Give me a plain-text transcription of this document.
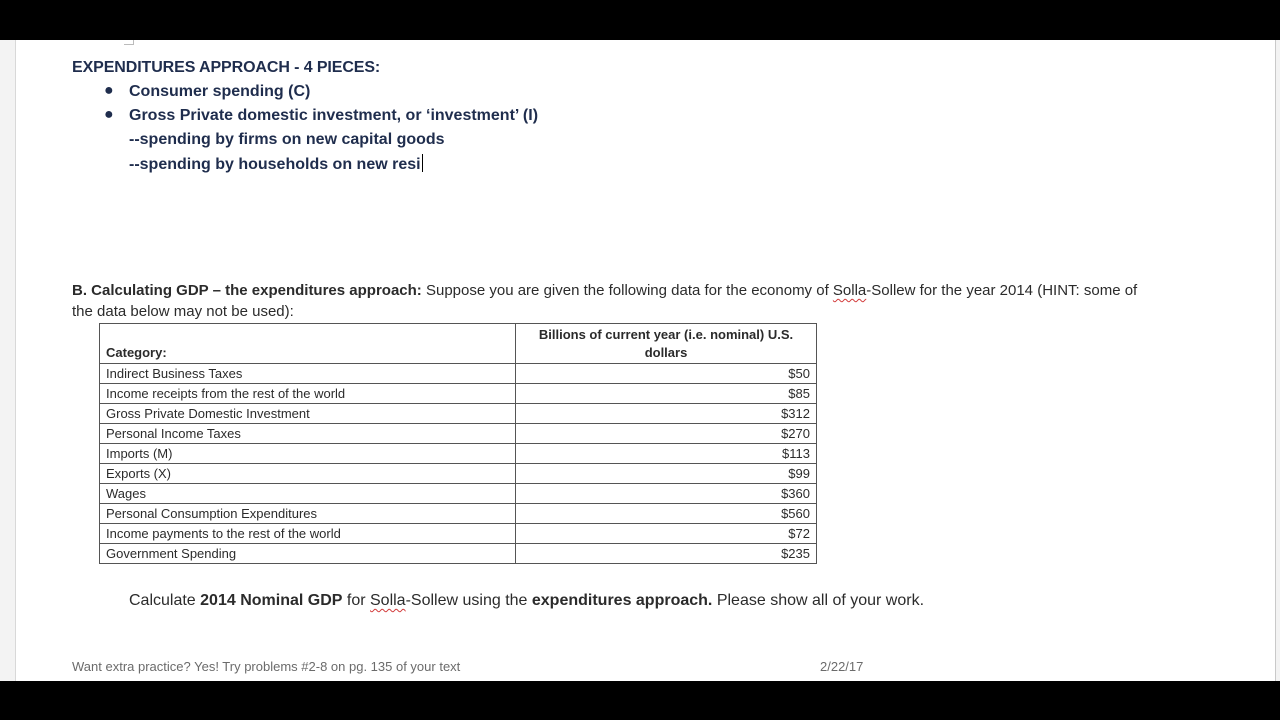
EXPENDITURES APPROACH - 4 PIECES:
● Consumer spending (C)
● Gross Private domestic investment, or ‘investment’ (I)
--spending by firms on new capital goods
--spending by households on new resi
B. Calculating GDP – the expenditures approach: Suppose you are given the following data for the economy of Solla-Sollew for the year 2014 (HINT: some of
the data below may not be used):
Category:	Billions of current year (i.e. nominal) U.S. dollars
Indirect Business Taxes	$50
Income receipts from the rest of the world	$85
Gross Private Domestic Investment	$312
Personal Income Taxes	$270
Imports (M)	$113
Exports (X)	$99
Wages	$360
Personal Consumption Expenditures	$560
Income payments to the rest of the world	$72
Government Spending	$235
Calculate 2014 Nominal GDP for Solla-Sollew using the expenditures approach. Please show all of your work.
Want extra practice? Yes! Try problems #2-8 on pg. 135 of your text	2/22/17
